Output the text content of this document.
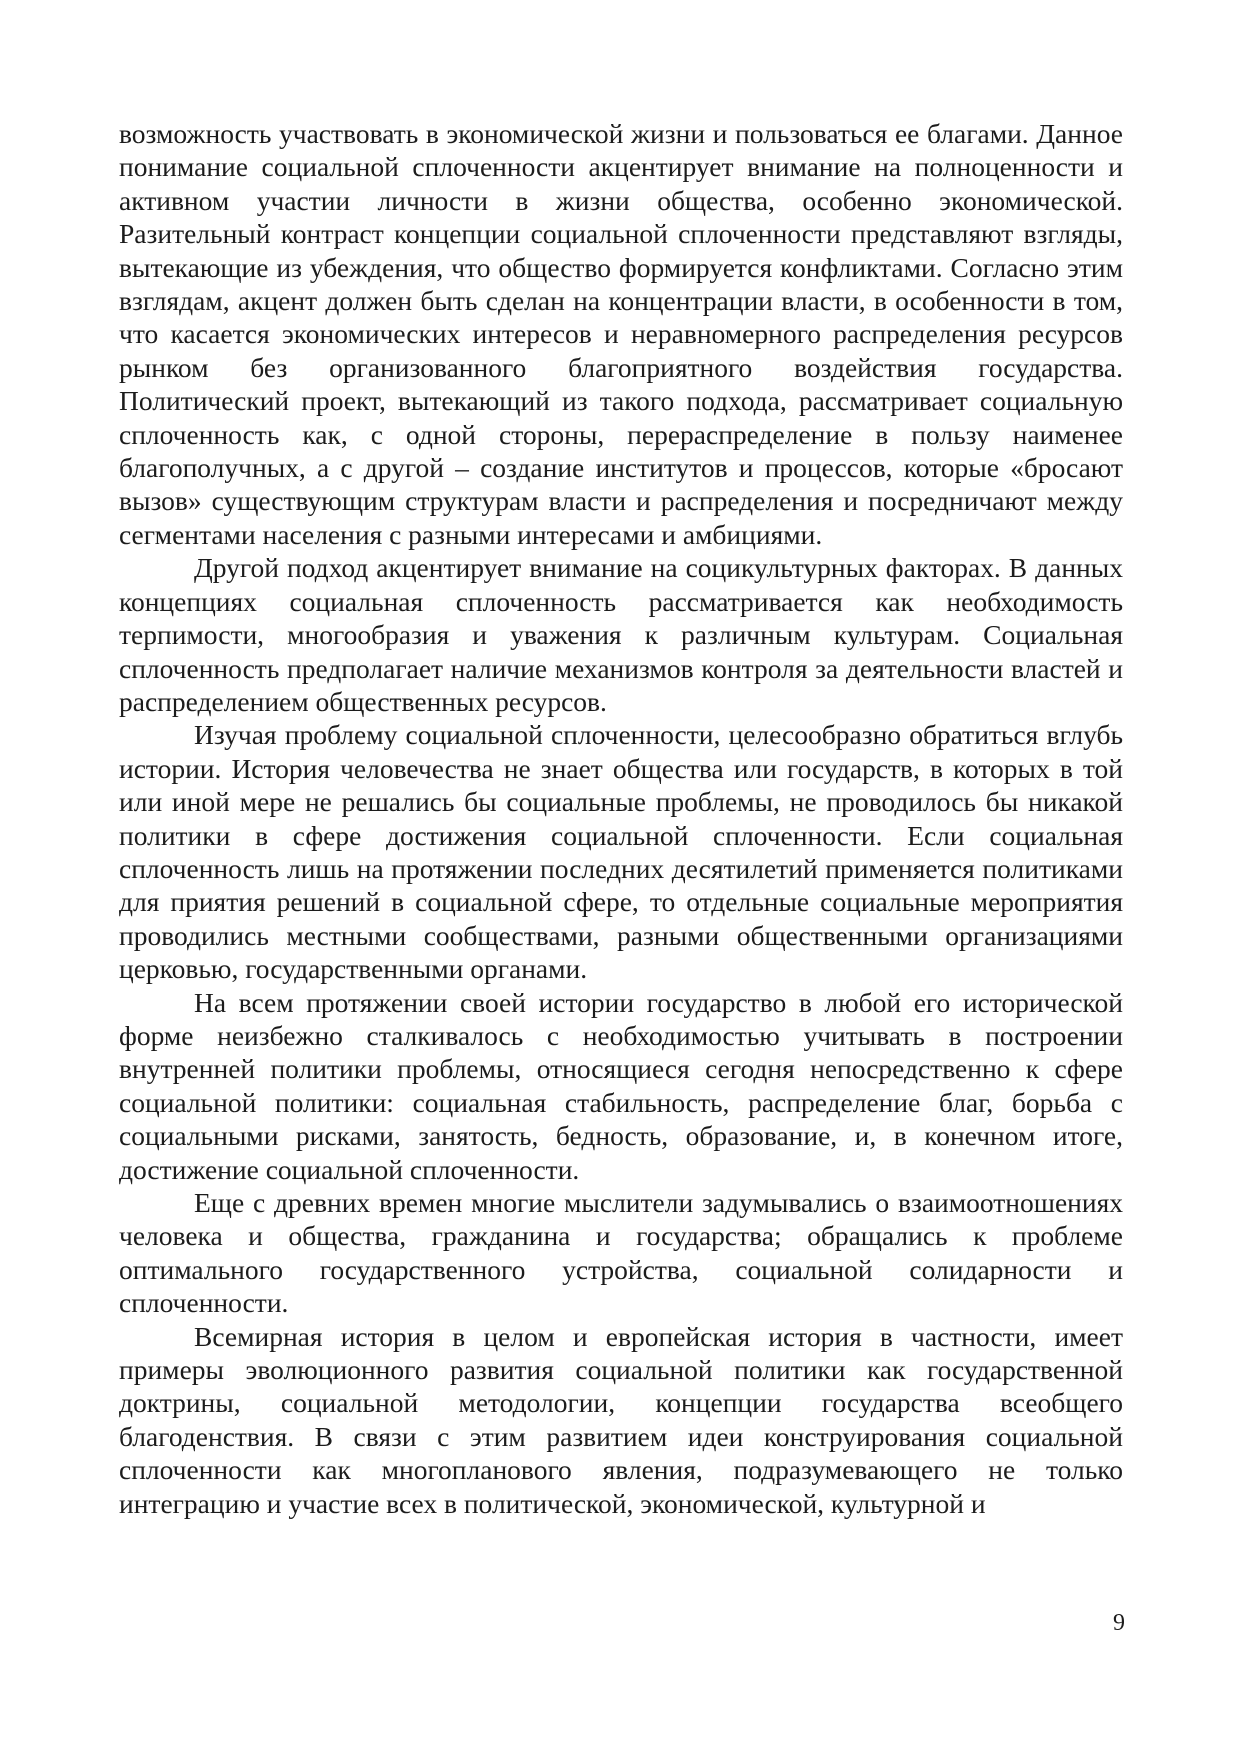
возможность участвовать в экономической жизни и пользоваться ее благами. Данное понимание социальной сплоченности акцентирует внимание на полноценности и активном участии личности в жизни общества, особенно экономической. Разительный контраст концепции социальной сплоченности представляют взгляды, вытекающие из убеждения, что общество формируется конфликтами. Согласно этим взглядам, акцент должен быть сделан на концентрации власти, в особенности в том, что касается экономических интересов и неравномерного распределения ресурсов рынком без организованного благоприятного воздействия государства. Политический проект, вытекающий из такого подхода, рассматривает социальную сплоченность как, с одной стороны, перераспределение в пользу наименее благополучных, а с другой – создание институтов и процессов, которые «бросают вызов» существующим структурам власти и распределения и посредничают между сегментами населения с разными интересами и амбициями.

Другой подход акцентирует внимание на социкультурных факторах. В данных концепциях социальная сплоченность рассматривается как необходимость терпимости, многообразия и уважения к различным культурам. Социальная сплоченность предполагает наличие механизмов контроля за деятельности властей и распределением общественных ресурсов.

Изучая проблему социальной сплоченности, целесообразно обратиться вглубь истории. История человечества не знает общества или государств, в которых в той или иной мере не решались бы социальные проблемы, не проводилось бы никакой политики в сфере достижения социальной сплоченности. Если социальная сплоченность лишь на протяжении последних десятилетий применяется политиками для приятия решений в социальной сфере, то отдельные социальные мероприятия проводились местными сообществами, разными общественными организациями церковью, государственными органами.

На всем протяжении своей истории государство в любой его исторической форме неизбежно сталкивалось с необходимостью учитывать в построении внутренней политики проблемы, относящиеся сегодня непосредственно к сфере социальной политики: социальная стабильность, распределение благ, борьба с социальными рисками, занятость, бедность, образование, и, в конечном итоге, достижение социальной сплоченности.

Еще с древних времен многие мыслители задумывались о взаимоотношениях человека и общества, гражданина и государства; обращались к проблеме оптимального государственного устройства, социальной солидарности и сплоченности.

Всемирная история в целом и европейская история в частности, имеет примеры эволюционного развития социальной политики как государственной доктрины, социальной методологии, концепции государства всеобщего благоденствия. В связи с этим развитием идеи конструирования социальной сплоченности как многопланового явления, подразумевающего не только интеграцию и участие всех в политической, экономической, культурной и

9
